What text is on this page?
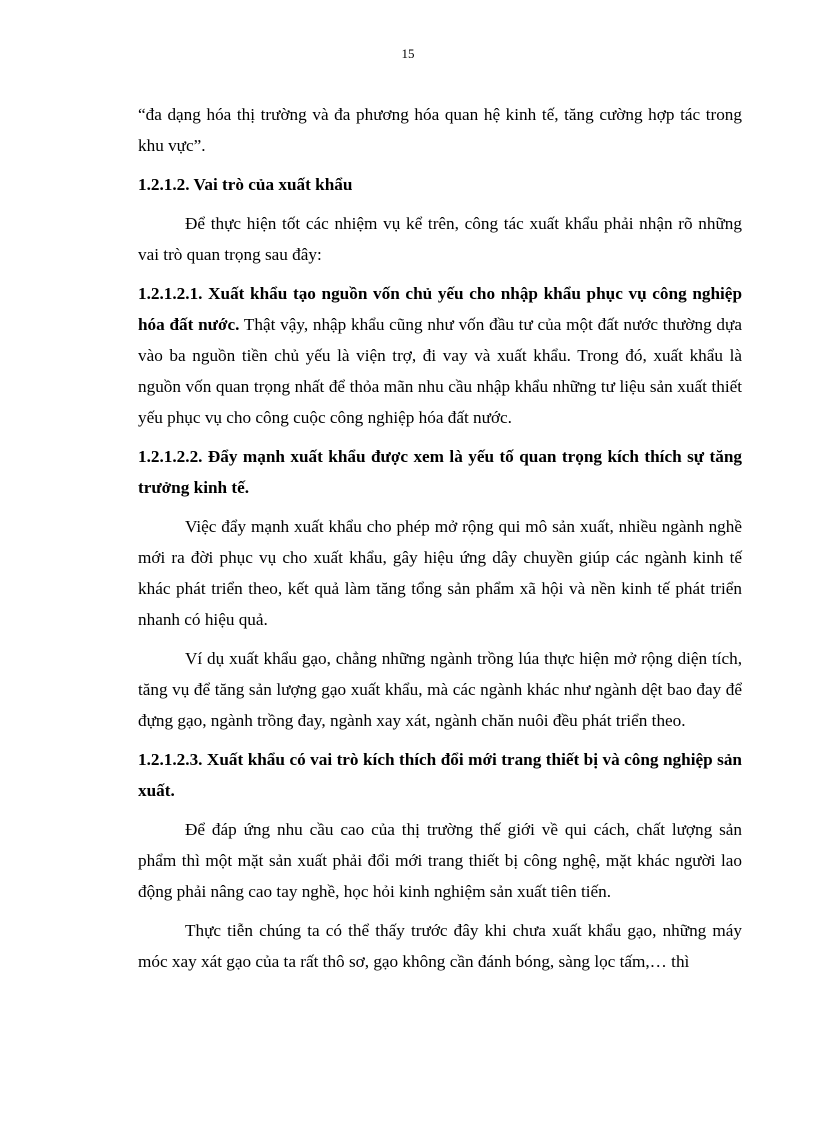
15

“đa dạng hóa thị trường và đa phương hóa quan hệ kinh tế, tăng cường hợp tác trong khu vực”.

1.2.1.2. Vai trò của xuất khẩu

Để thực hiện tốt các nhiệm vụ kể trên, công tác xuất khẩu phải nhận rõ những vai trò quan trọng sau đây:

1.2.1.2.1. Xuất khẩu tạo nguồn vốn chủ yếu cho nhập khẩu phục vụ công nghiệp hóa đất nước. Thật vậy, nhập khẩu cũng như vốn đầu tư của một đất nước thường dựa vào ba nguồn tiền chủ yếu là viện trợ, đi vay và xuất khẩu. Trong đó, xuất khẩu là nguồn vốn quan trọng nhất để thỏa mãn nhu cầu nhập khẩu những tư liệu sản xuất thiết yếu phục vụ cho công cuộc công nghiệp hóa đất nước.

1.2.1.2.2. Đẩy mạnh xuất khẩu được xem là yếu tố quan trọng kích thích sự tăng trưởng kinh tế.

Việc đẩy mạnh xuất khẩu cho phép mở rộng qui mô sản xuất, nhiều ngành nghề mới ra đời phục vụ cho xuất khẩu, gây hiệu ứng dây chuyền giúp các ngành kinh tế khác phát triển theo, kết quả làm tăng tổng sản phẩm xã hội và nền kinh tế phát triển nhanh có hiệu quả.

Ví dụ xuất khẩu gạo, chẳng những ngành trồng lúa thực hiện mở rộng diện tích, tăng vụ để tăng sản lượng gạo xuất khẩu, mà các ngành khác như ngành dệt bao đay để đựng gạo, ngành trồng đay, ngành xay xát, ngành chăn nuôi đều phát triển theo.

1.2.1.2.3. Xuất khẩu có vai trò kích thích đổi mới trang thiết bị và công nghiệp sản xuất.

Để đáp ứng nhu cầu cao của thị trường thế giới về qui cách, chất lượng sản phẩm thì một mặt sản xuất phải đổi mới trang thiết bị công nghệ, mặt khác người lao động phải nâng cao tay nghề, học hỏi kinh nghiệm sản xuất tiên tiến.

Thực tiễn chúng ta có thể thấy trước đây khi chưa xuất khẩu gạo, những máy móc xay xát gạo của ta rất thô sơ, gạo không cần đánh bóng, sàng lọc tấm,… thì
